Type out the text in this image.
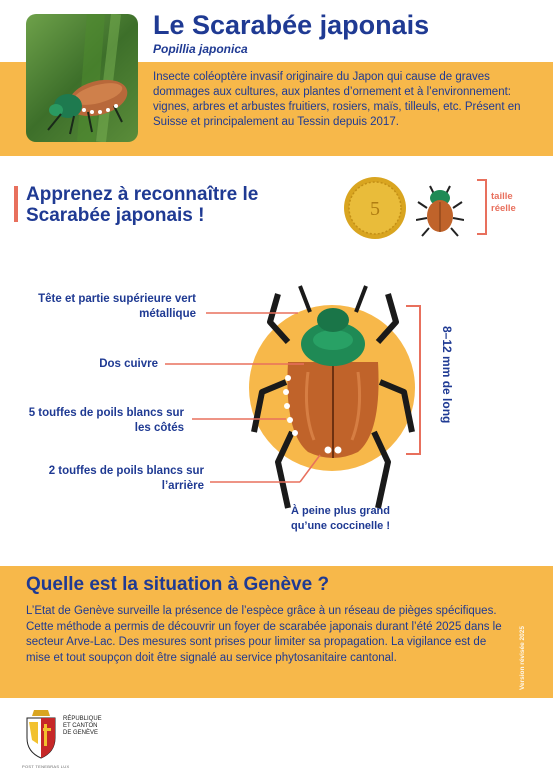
Le Scarabée japonais
Popillia japonica
Insecte coléoptère invasif originaire du Japon qui cause de graves dommages aux cultures, aux plantes d’ornement et à l’environnement: vignes, arbres et arbustes fruitiers, rosiers, maïs, tilleuls, etc. Présent en Suisse et principalement au Tessin depuis 2017.
Apprenez à reconnaître le Scarabée japonais !	5
taille réelle
Tête et partie supérieure vert métallique
Dos cuivre
5 touffes de poils blancs sur les côtés
2 touffes de poils blancs sur l’arrière
8–12 mm de long
À peine plus grand qu’une coccinelle !
Quelle est la situation à Genève ?
L’Etat de Genève surveille la présence de l’espèce grâce à un réseau de pièges spécifiques. Cette méthode a permis de découvrir un foyer de scarabée japonais durant l’été 2025 dans le secteur Arve-Lac. Des mesures sont prises pour limiter sa propagation. La vigilance est de mise et tout soupçon doit être signalé au service phytosanitaire cantonal.	Version révisée 2025
RÉPUBLIQUE
ET CANTON
DE GENÈVE
POST TENEBRAS LUX
